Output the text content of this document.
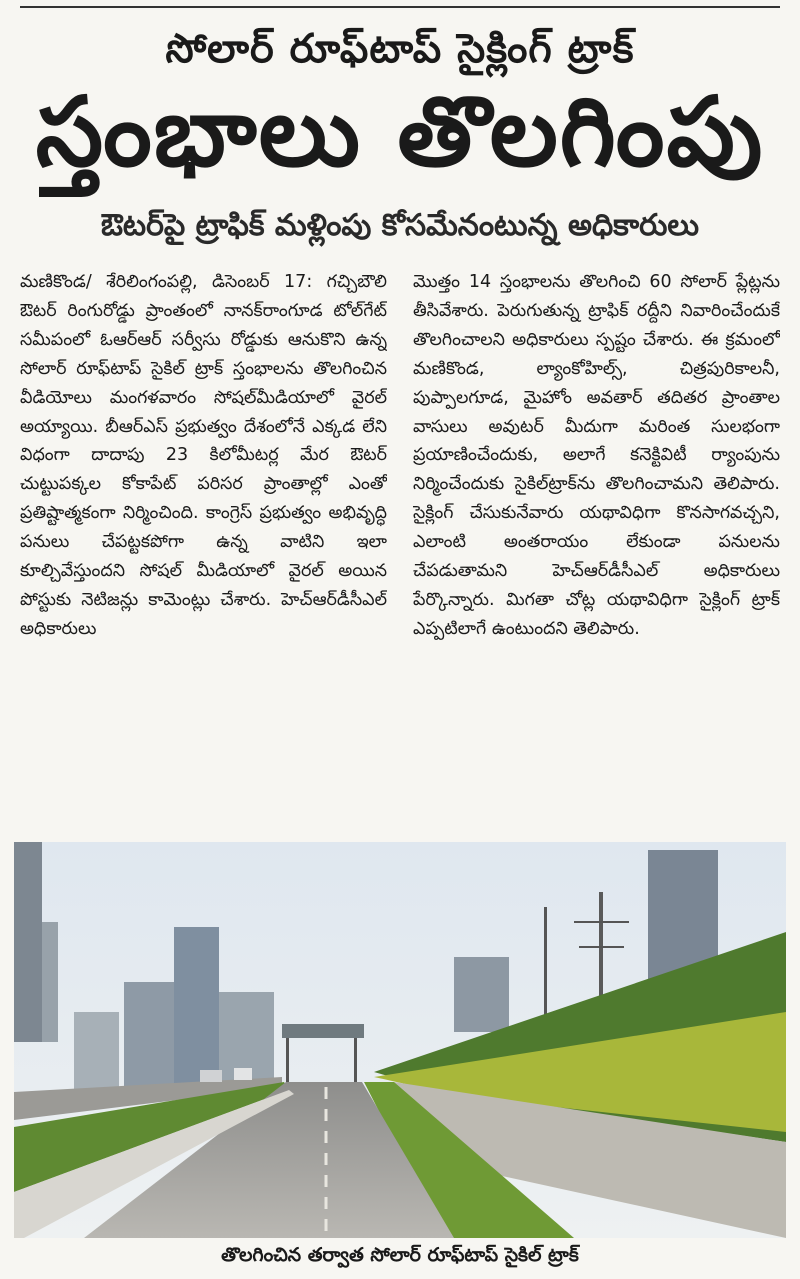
సోలార్ రూఫ్‌టాప్ సైక్లింగ్ ట్రాక్
స్తంభాలు తొలగింపు
ఔటర్‌పై ట్రాఫిక్ మళ్లింపు కోసమేనంటున్న అధికారులు
మణికొండ/ శేరిలింగంపల్లి, డిసెంబర్ 17: గచ్చిబౌలి ఔటర్ రింగురోడ్డు ప్రాంతంలో నానక్‌రాంగూడ టోల్‌గేట్ సమీపంలో ఓఆర్‌ఆర్ సర్వీసు రోడ్డుకు ఆనుకొని ఉన్న సోలార్ రూఫ్‌టాప్ సైకిల్ ట్రాక్ స్తంభాలను తొలగించిన వీడియోలు మంగళవారం సోషల్‌మీడియాలో వైరల్ అయ్యాయి. బీఆర్‌ఎస్ ప్రభుత్వం దేశంలోనే ఎక్కడ లేని విధంగా దాదాపు 23 కిలోమీటర్ల మేర ఔటర్ చుట్టుపక్కల కోకాపేట్ పరిసర ప్రాంతాల్లో ఎంతో ప్రతిష్టాత్మకంగా నిర్మించింది. కాంగ్రెస్ ప్రభుత్వం అభివృద్ధి పనులు చేపట్టకపోగా ఉన్న వాటిని ఇలా కూల్చివేస్తుందని సోషల్ మీడియాలో వైరల్ అయిన పోస్టుకు నెటిజన్లు కామెంట్లు చేశారు. హెచ్‌ఆర్‌డీసీఎల్ అధికారులు
మొత్తం 14 స్తంభాలను తొలగించి 60 సోలార్ ప్లేట్లను తీసివేశారు. పెరుగుతున్న ట్రాఫిక్ రద్దీని నివారించేందుకే తొలగించాలని అధికారులు స్పష్టం చేశారు. ఈ క్రమంలో మణికొండ, ల్యాంకోహిల్స్, చిత్రపురికాలనీ, పుప్పాలగూడ, మైహోం అవతార్ తదితర ప్రాంతాల వాసులు అవుటర్ మీదుగా మరింత సులభంగా ప్రయాణించేందుకు, అలాగే కనెక్టివిటీ ర్యాంపును నిర్మించేందుకు సైకిల్‌ట్రాక్‌ను తొలగించామని తెలిపారు. సైక్లింగ్ చేసుకునేవారు యథావిధిగా కొనసాగవచ్చని, ఎలాంటి అంతరాయం లేకుండా పనులను చేపడుతామని హెచ్‌ఆర్‌డీసీఎల్ అధికారులు పేర్కొన్నారు. మిగతా చోట్ల యథావిధిగా సైక్లింగ్ ట్రాక్ ఎప్పటిలాగే ఉంటుందని తెలిపారు.
తొలగించిన తర్వాత సోలార్ రూఫ్‌టాప్ సైకిల్ ట్రాక్
